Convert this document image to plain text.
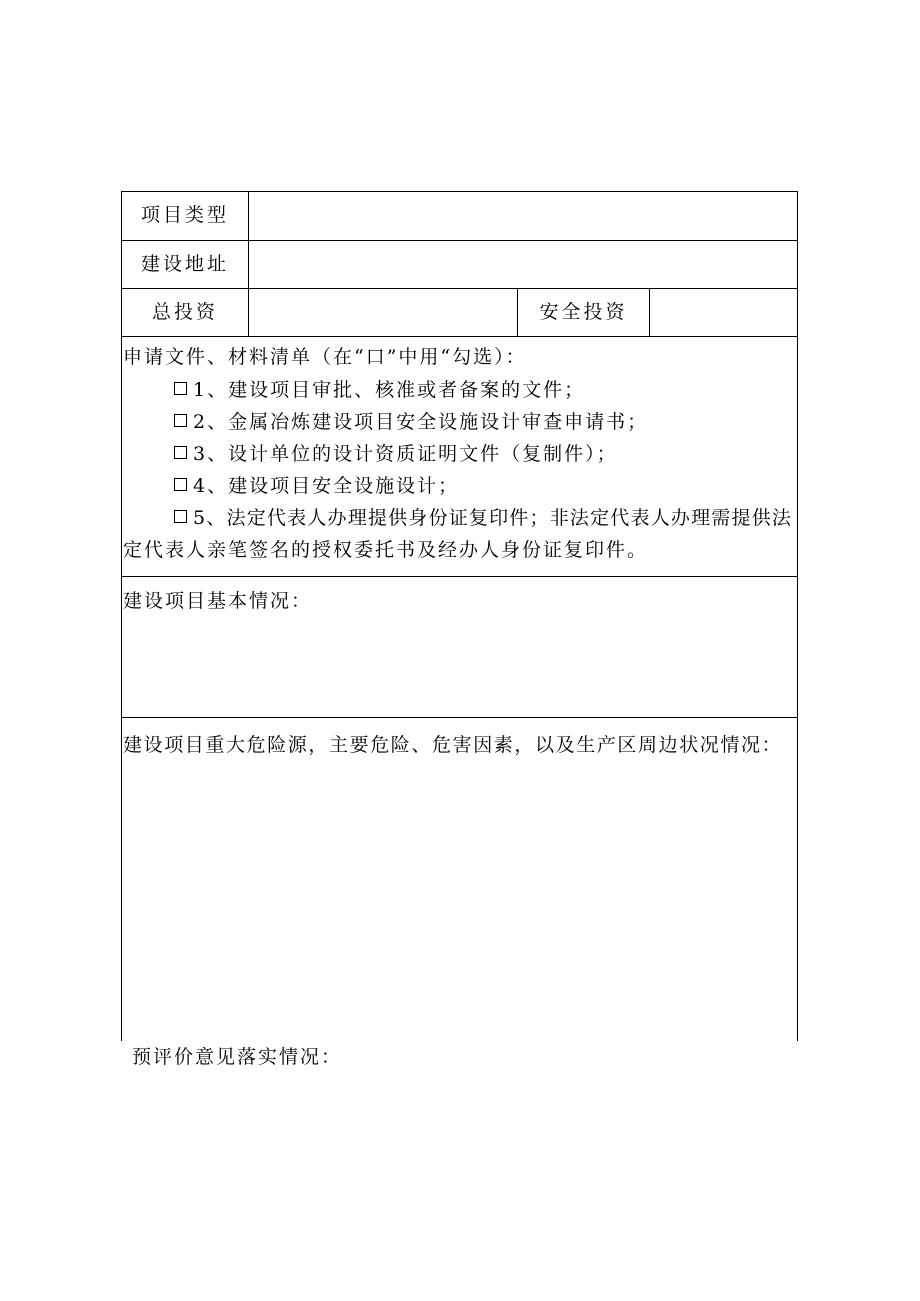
项目类型
建设地址
总投资	安全投资
申请文件、材料清单（在“口”中用“勾选）：
1、建设项目审批、核准或者备案的文件；
2、金属冶炼建设项目安全设施设计审查申请书；
3、设计单位的设计资质证明文件（复制件）；
4、建设项目安全设施设计；
5、法定代表人办理提供身份证复印件；非法定代表人办理需提供法
定代表人亲笔签名的授权委托书及经办人身份证复印件。
建设项目基本情况：
建设项目重大危险源，主要危险、危害因素，以及生产区周边状况情况：
预评价意见落实情况：
